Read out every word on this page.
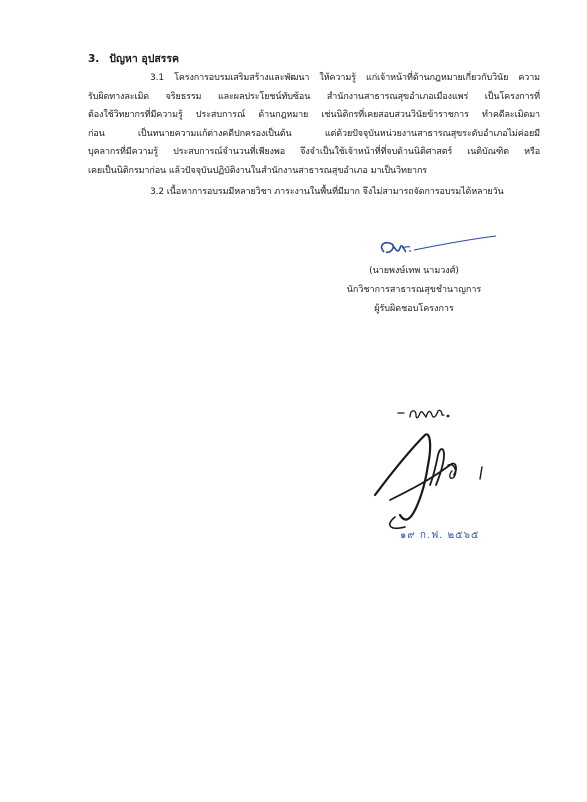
3. ปัญหา อุปสรรค
3.1 โครงการอบรมเสริมสร้างและพัฒนา ให้ความรู้ แก่เจ้าหน้าที่ด้านกฎหมายเกี่ยวกับวินัย ความ
รับผิดทางละเมิด จริยธรรม และผลประโยชน์ทับซ้อน สำนักงานสาธารณสุขอำเภอเมืองแพร่ เป็นโครงการที่
ต้องใช้วิทยากรที่มีความรู้ ประสบการณ์ ด้านกฎหมาย เช่นนิติกรที่เคยสอบสวนวินัยข้าราชการ ทำคดีละเมิดมา
ก่อน เป็นทนายความแก้ต่างคดีปกครองเป็นต้น แต่ด้วยปัจจุบันหน่วยงานสาธารณสุขระดับอำเภอไม่ค่อยมี
บุคลากรที่มีความรู้ ประสบการณ์จำนวนที่เพียงพอ จึงจำเป็นใช้เจ้าหน้าที่ที่จบด้านนิติศาสตร์ เนติบัณฑิต หรือ
เคยเป็นนิติกรมาก่อน แล้วปัจจุบันปฏิบัติงานในสำนักงานสาธารณสุขอำเภอ มาเป็นวิทยากร
3.2 เนื้อหาการอบรมมีหลายวิชา ภาระงานในพื้นที่มีมาก จึงไม่สามารถจัดการอบรมได้หลายวัน
(นายพงษ์เทพ นามวงศ์)
นักวิชาการสาธารณสุขชำนาญการ
ผู้รับผิดชอบโครงการ
๑๙ ก.ฟ. ๒๕๖๕
